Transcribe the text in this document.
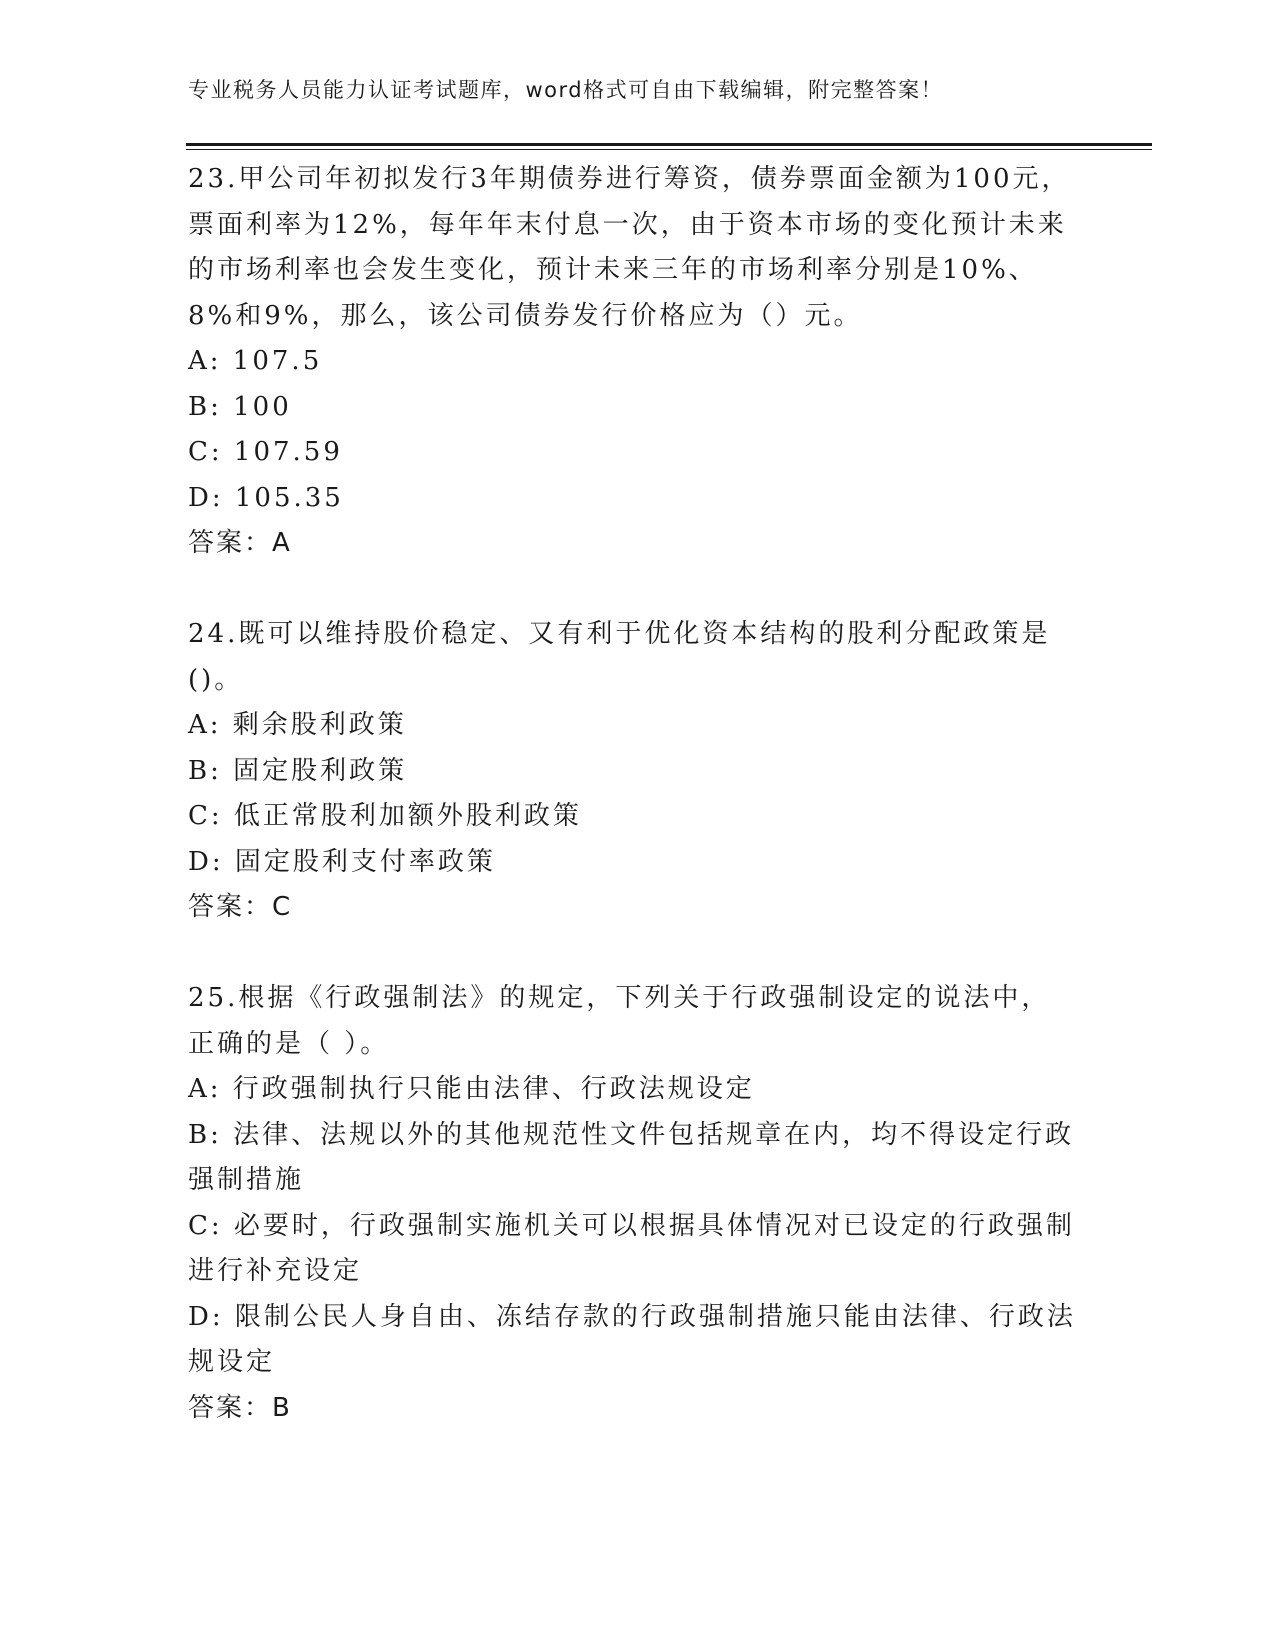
专业税务人员能力认证考试题库，word格式可自由下载编辑，附完整答案！
23.甲公司年初拟发行3年期债券进行筹资，债券票面金额为100元，票面利率为12%，每年年末付息一次，由于资本市场的变化预计未来的市场利率也会发生变化，预计未来三年的市场利率分别是10%、8%和9%，那么，该公司债券发行价格应为（）元。
A: 107.5
B: 100
C: 107.59
D: 105.35
答案：A
24.既可以维持股价稳定、又有利于优化资本结构的股利分配政策是()。
A: 剩余股利政策
B: 固定股利政策
C: 低正常股利加额外股利政策
D: 固定股利支付率政策
答案：C
25.根据《行政强制法》的规定，下列关于行政强制设定的说法中，正确的是（ ）。
A: 行政强制执行只能由法律、行政法规设定
B: 法律、法规以外的其他规范性文件包括规章在内，均不得设定行政强制措施
C: 必要时，行政强制实施机关可以根据具体情况对已设定的行政强制进行补充设定
D: 限制公民人身自由、冻结存款的行政强制措施只能由法律、行政法规设定
答案：B
